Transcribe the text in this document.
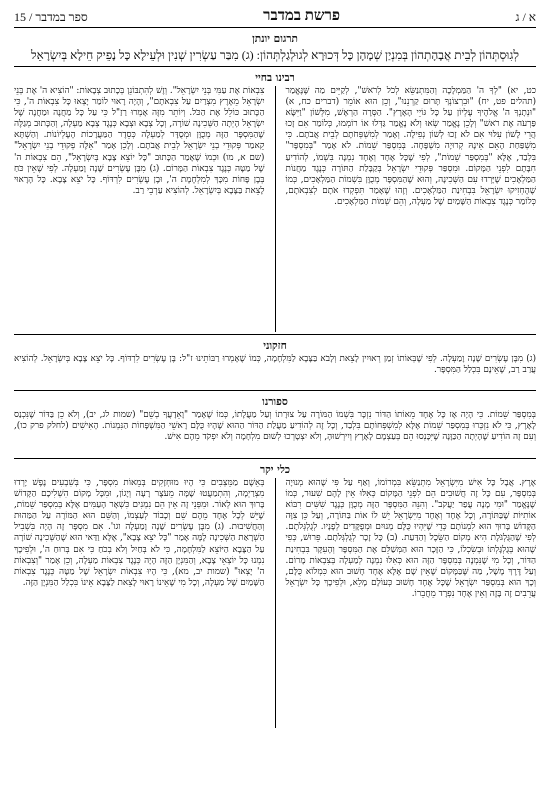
ספר במדבר / 15	פרשת במדבר	א / ג
תרגום יונתן
לְגִוּסְתְּהוֹן לְבֵית אֲבָהָתְהוֹן בְּמִנְיַן שְׁמָהָן כָּל דְּכוּרָא לְגוּלְגַלְתְּהוֹן: (ג) מִבַּר עַשְׂרִין שְׁנִין וּלְעֵילָא כָּל נָפֵיק חֵילָא בְּיִשְׂרָאֵל
רבינו בחיי
כט, יא) "לְךָ ה' הַמַּמְלָכָה וְהַמִּתְנַשֵּׂא לְכֹל לְרֹאשׁ", לְקַיֵּים מַה שֶּׁנֶּאֱמַר (תהלים פט, יח) "וּבִרְצוֹנְךָ תָּרוּם קַרְנֵנוּ", וְכֵן הוּא אוֹמֵר (דברים כח, א) "וּנְתָנְךָ ה' אֱלֹהֶיךָ עֶלְיוֹן עַל כָּל גּוֹיֵי הָאָרֶץ". הַסְּרָה הַרְאָשׁ, מִלְּשׁוֹן "וַיִּשָּׂא פַּרְעֹה אֶת רֹאשׁ" וְלָכֵן נֶאֱמַר שְׂאוּ וְלֹא נֶאֱמַר גַּדְּלוּ אוֹ רוֹמְמוּ, כְּלוֹמַר אִם זָכוּ הֲרֵי לָשׁוֹן עִלּוּי אִם לֹא זָכוּ לְשׁוֹן נְפִילָה. וְאָמַר לְמִשְׁפְּחֹתָם לְבֵית אֲבֹתָם. כִּי מִשְׁפַּחַת הָאֵם אֵינָהּ קְרוּיָה מִשְׁפָּחָה. בְּמִסְפַּר שֵׁמוֹת. לֹא אָמַר "בְּמִסְפָּר" בִּלְבַד, אֶלָּא "בְּמִסְפַּר שֵׁמוֹת", לְפִי שֶׁכָּל אֶחָד וְאֶחָד נִמְנָה בִּשְׁמוֹ, לְהוֹדִיעַ חִבָּתָם לִפְנֵי הַמָּקוֹם. וּמִסְפַּר פְּקוּדֵי יִשְׂרָאֵל בְּקַבָּלַת הַתּוֹרָה כְּנֶגֶד מַחֲנוֹת הַמַּלְאָכִים שֶׁיָּרְדוּ עִם הַשְּׁכִינָה, וְהוּא שֶׁהַמִּסְפָּר מְכֻוָּן בִּשְׁמוֹת הַמַּלְאָכִים, כְּמוֹ שֶׁהֶחְזִיקוּ יִשְׂרָאֵל בִּבְחִינַת הַמַּלְאָכִים. וְזֶהוּ שֶׁאָמַר תִּפְקְדוּ אֹתָם לְצִבְאֹתָם, כְּלוֹמַר כְּנֶגֶד צִבְאוֹת הַשָּׁמַיִם שֶׁל מַעְלָה, וְהֵם שְׁמוֹת הַמַּלְאָכִים.
צִבְאוֹת אֶת עַמִּי בְּנֵי יִשְׂרָאֵל". וְזֶשׁ לְהִתְבּוֹנֵן בְּכָתוּב צְבָאוֹת: "הוֹצִיא ה' אֶת בְּנֵי יִשְׂרָאֵל מֵאֶרֶץ מִצְרַיִם עַל צִבְאֹתָם", וְהָיָה רָאוּי לוֹמַר יָצְאוּ כָּל צִבְאוֹת ה', כִּי הַכָּתוּב כּוֹלֵל אֶת הַכֹּל. וְיוֹתֵר מִזֶּה אָמְרוּ רַזַ"ל כִּי עַל כָּל מַחֲנֶה וּמַחֲנֶה שֶׁל יִשְׂרָאֵל הָיְתָה הַשְּׁכִינָה שׁוֹרָה, וְכָל צְבָא וּצְבָא כְּנֶגֶד צְבָא מַעְלָה, וְהַכָּתוּב מְגַלֶּה שֶׁהַמִּסְפָּר הַזֶּה מְכֻוָּן וּמְסֻדָּר לְמַעְלָה כְּסֵדֶר הַמַּעֲרָכוֹת הָעֶלְיוֹנוֹת. וְהַשְׁתָּא קֵאמַר פְּקוּדֵי בְנֵי יִשְׂרָאֵל לְבֵית אֲבֹתָם. וְלָכֵן אָמַר "אֵלֶּה פְקוּדֵי בְנֵי יִשְׂרָאֵל" (שם א, מו) וּכְמוֹ שֶׁאָמַר הַכָּתוּב "כָּל יוֹצֵא צָבָא בְּיִשְׂרָאֵל", הֵם צִבְאוֹת ה' שֶׁל מַטָּה כְּנֶגֶד צִבְאוֹת הַמָּרוֹם. (ג) מִבֶּן עֶשְׂרִים שָׁנָה וָמַעְלָה. לְפִי שֶׁאֵין כֹּחַ בְּבֶן פָּחוֹת מִכָּךְ לְמִלְחֶמֶת ה', וּבֶן עֶשְׂרִים לִרְדּוֹף. כָּל יֹצֵא צָבָא. כָּל הָרָאוּי לָצֵאת בַּצָּבָא בְּיִשְׂרָאֵל. לְהוֹצִיא עַרְבֵי רַב.
חזקוני
(ג) מִבֶּן עֶשְׂרִים שָׁנָה וָמַעְלָה. לְפִי שֶׁבְּאוֹתוֹ זְמַן רְאוּיִין לָצֵאת וְלָבֹא בַּצָּבָא לַמִּלְחָמָה, כְּמוֹ שֶׁאָמְרוּ רַבּוֹתֵינוּ ז"ל: בֶּן עֶשְׂרִים לִרְדּוֹף. כָּל יֹצֵא צָבָא בְּיִשְׂרָאֵל. לְהוֹצִיא עֲרַב רַב, שֶׁאֵינָם בִּכְלַל הַמִּסְפָּר.
ספורנו
בְּמִסְפַּר שֵׁמוֹת. כִּי הָיָה אָז כָּל אֶחָד מֵאוֹתוֹ הַדּוֹר נִזְכָּר בִּשְׁמוֹ הַמּוֹרֶה עַל צוּרָתוֹ וְעַל מַעֲלָתוֹ, כְּמוֹ שֶׁאָמַר "וָאֵדָעֲךָ בְשֵׁם" (שמות לג, יב), וְלֹא כֵן בַּדּוֹר שֶׁנִּכְנַס לָאָרֶץ, כִּי לֹא נִזְכְּרוּ בְּמִסְפַּר שֵׁמוֹת אֶלָּא לְמִשְׁפְּחוֹתָם בִּלְבַד, וְכָל זֶה לְהוֹדִיעַ מַעֲלַת הַדּוֹר הַהוּא שֶׁהָיוּ כֻּלָּם רָאשֵׁי הַמִּשְׁפָּחוֹת הַנִּמְנוֹת. הָאִישִׁים (לחלק פרק כו), וְעִם זֶה הוֹדִיעַ שֶׁהָיְתָה הַכַּוָּנָה שֶׁיִּכָּנְסוּ הֵם בְּעַצְמָם לָאָרֶץ וְיִירְשׁוּהָ, וְלֹא יִצְטָרְכוּ לְשׁוּם מִלְחָמָה וְלֹא יִפְקֹד מֵהֶם אִישׁ.
כלי יקר
אֶרֶץ. אֲבָל כָּל אִישׁ מִיִּשְׂרָאֵל מִתְנַשֵּׂא בִּמְרוֹמוֹ, וְאַף עַל פִּי שֶׁהוּא מְנוּיָה בְּמִסְפָּר, עִם כָּל זֶה חֲשׁוּבִים הֵם לִפְנֵי הַמָּקוֹם כְּאִלּוּ אֵין לָהֶם שִׁעוּר, כְּמוֹ שֶׁנֶּאֱמַר "וּמִי מָנָה עֲפַר יַעֲקֹב". וְהִנֵּה הַמִּסְפָּר הַזֶּה מְכֻוָּן כְּנֶגֶד שִׁשִּׁים רִבּוֹא אוֹתִיּוֹת שֶׁבַּתּוֹרָה, וְכָל אֶחָד וְאֶחָד מִיִּשְׂרָאֵל יֵשׁ לוֹ אוֹת בַּתּוֹרָה, וְעַל כֵּן צִוָּה הַקָּדוֹשׁ בָּרוּךְ הוּא לִמְנוֹתָם כְּדֵי שֶׁיִּהְיוּ כֻּלָּם מְנוּיִם וּמְפֻקָּדִים לְפָנָיו. לְגֻלְגְּלֹתָם. לְפִי שֶׁהַגֻּלְגֹּלֶת הִיא מְקוֹם הַשֵּׂכֶל וְהַדַּעַת. (ב) כָּל זָכָר לְגֻלְגְּלֹתָם. פֵּרוּשׁ, כְּפִי שֶׁהוּא בְּגֻלְגָּלְתּוֹ וּבְשִׂכְלוֹ, כִּי הַזָּכָר הוּא הַמְּשַׁלֵּם אֶת הַמִּסְפָּר וְהָעִקָּר בִּבְחִינַת הַדּוֹר, וְכָל מִי שֶׁנִּמְנֶה בְּמִסְפָּר הַזֶּה הוּא כְּאִלּוּ נִמְנָה לְמַעְלָה בְּצִבְאוֹת מָרוֹם. וְעַל דֶּרֶךְ מָשָׁל, מַה שֶּׁבַּמָּקוֹם שֶׁאֵין שָׁם אֶלָּא אֶחָד חָשׁוּב הוּא כִּמְלוֹא כֻּלָּם, וְכָךְ הוּא בְּמִסְפַּר יִשְׂרָאֵל שֶׁכָּל אֶחָד חָשׁוּב כְּעוֹלָם מָלֵא, וּלְפִיכָךְ כָּל יִשְׂרָאֵל עֲרֵבִים זֶה בָּזֶה וְאֵין אֶחָד נִפְרָד מֵחֲבֵרוֹ.
בְּאֵשֶׁם מַמֵּצְבִים כִּי הָיוּ מוּחְזָקִים בְּמֵאוֹת מִסְפָּר, כִּי בְּשִׁבְעִים נֶפֶשׁ יָרְדוּ מִצְרַיְמָה, וְהִתְמַעֲטוּ שָׁמָּה מֵעֹצֶר רָעָה וְיָגוֹן, וּמִכָּל מָקוֹם הִשְׁלִיכָם הַקָּדוֹשׁ בָּרוּךְ הוּא לְאוֹר. וּמִפְּנֵי זֶה אֵין הֵם נִמְנִים כִּשְׁאָר הָעַמִּים אֶלָּא בְּמִסְפַּר שֵׁמוֹת, שֶׁיֵּשׁ לְכָל אֶחָד מֵהֶם שֵׁם וְכָבוֹד לְעַצְמוֹ, וְהַשֵּׁם הוּא הַמּוֹרֶה עַל הַמַּהוּת וְהַחֲשִׁיבוּת. (ג) מִבֶּן עֶשְׂרִים שָׁנָה וָמַעְלָה וגו'. אִם מִסְפָּר זֶה הָיָה בִּשְׁבִיל הַשְׁרָאַת הַשְּׁכִינָה לָמָּה אָמַר "כָּל יֹצֵא צָבָא", אֶלָּא וַדַּאי הוּא שֶׁהַשְּׁכִינָה שׁוֹרָה עַל הַצָּבָא הַיּוֹצֵא לַמִּלְחָמָה, כִּי לֹא בְּחַיִל וְלֹא בְכֹחַ כִּי אִם בְּרוּחַ ה', וּלְפִיכָךְ נִמְנוּ כָּל יוֹצְאֵי צָבָא, וְהַמִּנְיָן הַזֶּה הָיָה כְּנֶגֶד צִבְאוֹת מַעְלָה, וְכֵן אָמַר "וְצִבְאוֹת ה' יָצְאוּ" (שמות יב, מא), כִּי הָיוּ צִבְאוֹת יִשְׂרָאֵל שֶׁל מַטָּה כְּנֶגֶד צִבְאוֹת הַשָּׁמַיִם שֶׁל מַעְלָה, וְכָל מִי שֶׁאֵינוֹ רָאוּי לָצֵאת לַצָּבָא אֵינוֹ בִּכְלַל הַמִּנְיָן הַזֶּה.
